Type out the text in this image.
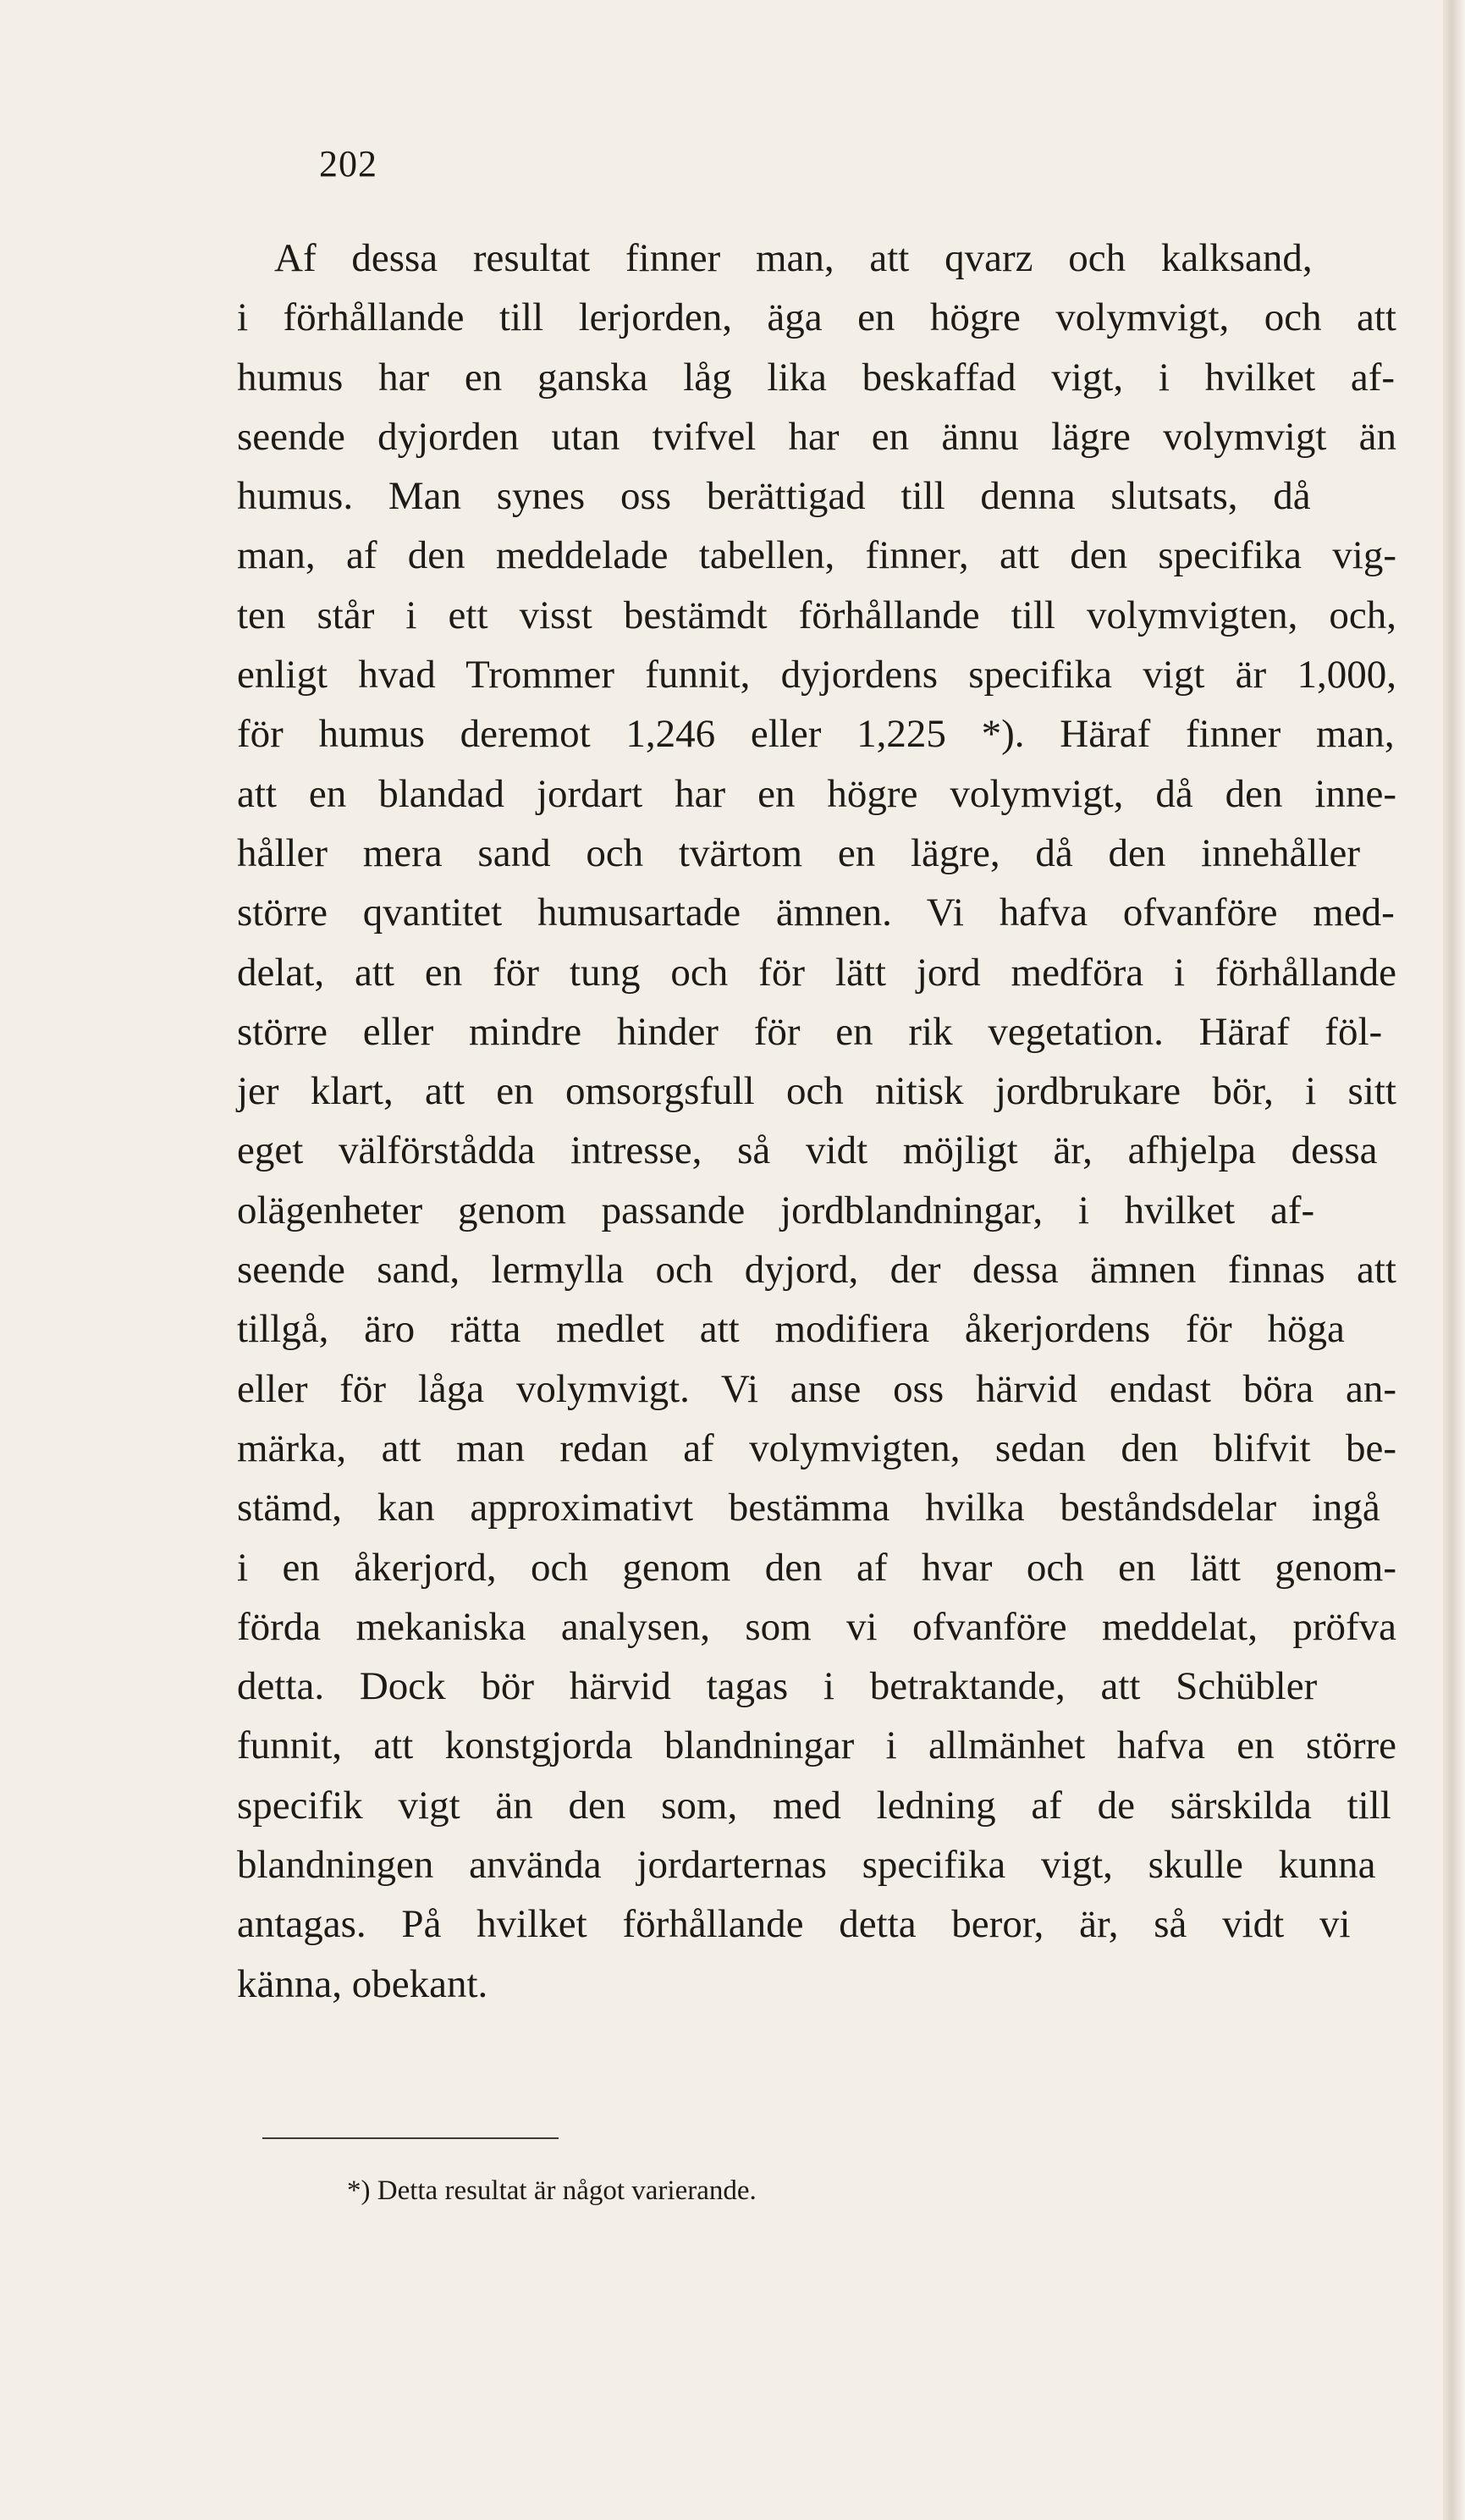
202
Af dessa resultat finner man, att qvarz och kalksand,
i förhållande till lerjorden, äga en högre volymvigt, och att
humus har en ganska låg lika beskaffad vigt, i hvilket af-
seende dyjorden utan tvifvel har en ännu lägre volymvigt än
humus. Man synes oss berättigad till denna slutsats, då
man, af den meddelade tabellen, finner, att den specifika vig-
ten står i ett visst bestämdt förhållande till volymvigten, och,
enligt hvad Trommer funnit, dyjordens specifika vigt är 1,000,
för humus deremot 1,246 eller 1,225 *). Häraf finner man,
att en blandad jordart har en högre volymvigt, då den inne-
håller mera sand och tvärtom en lägre, då den innehåller
större qvantitet humusartade ämnen. Vi hafva ofvanföre med-
delat, att en för tung och för lätt jord medföra i förhållande
större eller mindre hinder för en rik vegetation. Häraf föl-
jer klart, att en omsorgsfull och nitisk jordbrukare bör, i sitt
eget välförstådda intresse, så vidt möjligt är, afhjelpa dessa
olägenheter genom passande jordblandningar, i hvilket af-
seende sand, lermylla och dyjord, der dessa ämnen finnas att
tillgå, äro rätta medlet att modifiera åkerjordens för höga
eller för låga volymvigt. Vi anse oss härvid endast böra an-
märka, att man redan af volymvigten, sedan den blifvit be-
stämd, kan approximativt bestämma hvilka beståndsdelar ingå
i en åkerjord, och genom den af hvar och en lätt genom-
förda mekaniska analysen, som vi ofvanföre meddelat, pröfva
detta. Dock bör härvid tagas i betraktande, att Schübler
funnit, att konstgjorda blandningar i allmänhet hafva en större
specifik vigt än den som, med ledning af de särskilda till
blandningen använda jordarternas specifika vigt, skulle kunna
antagas. På hvilket förhållande detta beror, är, så vidt vi
känna, obekant.
*) Detta resultat är något varierande.
